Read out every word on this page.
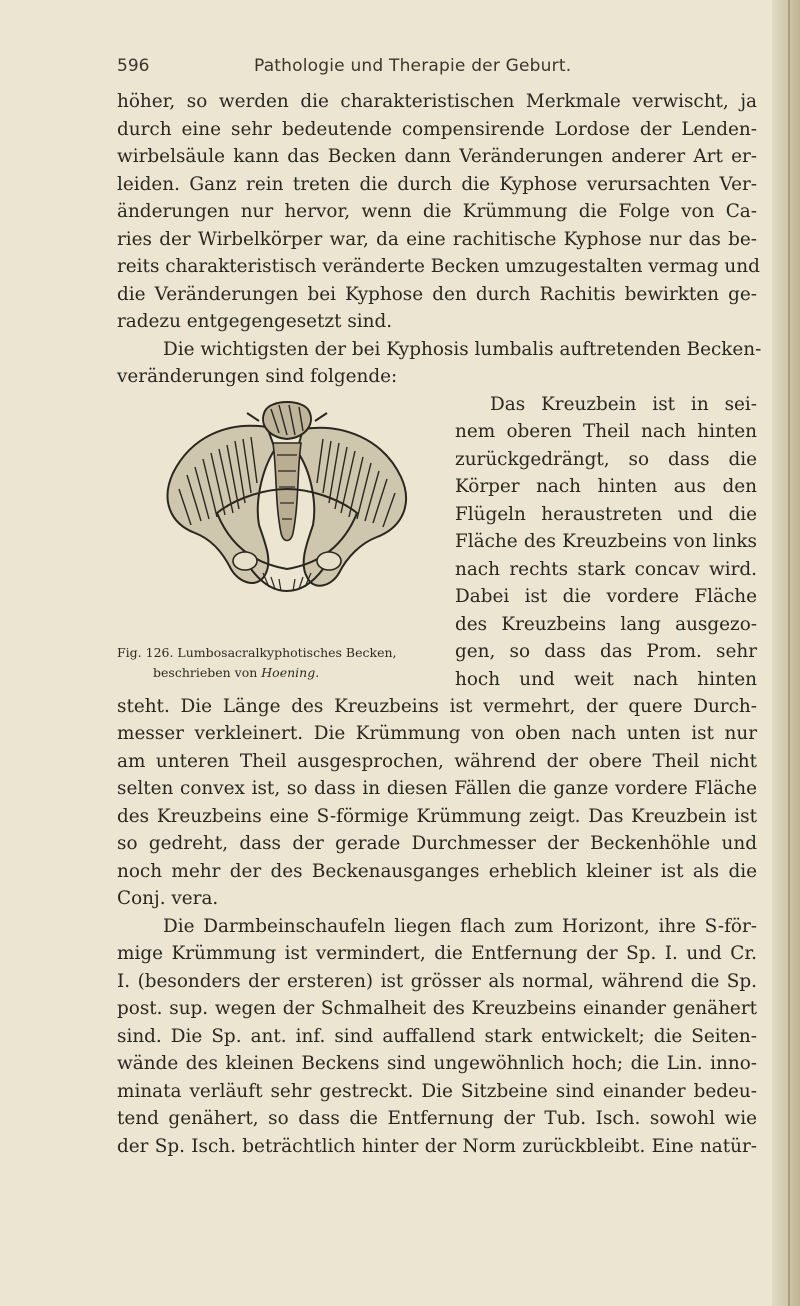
596	Pathologie und Therapie der Geburt.
höher, so werden die charakteristischen Merkmale verwischt, ja
durch eine sehr bedeutende compensirende Lordose der Lenden-
wirbelsäule kann das Becken dann Veränderungen anderer Art er-
leiden. Ganz rein treten die durch die Kyphose verursachten Ver-
änderungen nur hervor, wenn die Krümmung die Folge von Ca-
ries der Wirbelkörper war, da eine rachitische Kyphose nur das be-
reits charakteristisch veränderte Becken umzugestalten vermag und
die Veränderungen bei Kyphose den durch Rachitis bewirkten ge-
radezu entgegengesetzt sind.
Die wichtigsten der bei Kyphosis lumbalis auftretenden Becken-
veränderungen sind folgende:
Fig. 126. Lumbosacralkyphotisches Becken,
beschrieben von Hoening.
Das Kreuzbein ist in sei-
nem oberen Theil nach hinten
zurückgedrängt, so dass die
Körper nach hinten aus den
Flügeln heraustreten und die
Fläche des Kreuzbeins von links
nach rechts stark concav wird.
Dabei ist die vordere Fläche
des Kreuzbeins lang ausgezo-
gen, so dass das Prom. sehr
hoch und weit nach hinten
steht. Die Länge des Kreuzbeins ist vermehrt, der quere Durch-
messer verkleinert. Die Krümmung von oben nach unten ist nur
am unteren Theil ausgesprochen, während der obere Theil nicht
selten convex ist, so dass in diesen Fällen die ganze vordere Fläche
des Kreuzbeins eine S-förmige Krümmung zeigt. Das Kreuzbein ist
so gedreht, dass der gerade Durchmesser der Beckenhöhle und
noch mehr der des Beckenausganges erheblich kleiner ist als die
Conj. vera.
Die Darmbeinschaufeln liegen flach zum Horizont, ihre S-för-
mige Krümmung ist vermindert, die Entfernung der Sp. I. und Cr.
I. (besonders der ersteren) ist grösser als normal, während die Sp.
post. sup. wegen der Schmalheit des Kreuzbeins einander genähert
sind. Die Sp. ant. inf. sind auffallend stark entwickelt; die Seiten-
wände des kleinen Beckens sind ungewöhnlich hoch; die Lin. inno-
minata verläuft sehr gestreckt. Die Sitzbeine sind einander bedeu-
tend genähert, so dass die Entfernung der Tub. Isch. sowohl wie
der Sp. Isch. beträchtlich hinter der Norm zurückbleibt. Eine natür-
